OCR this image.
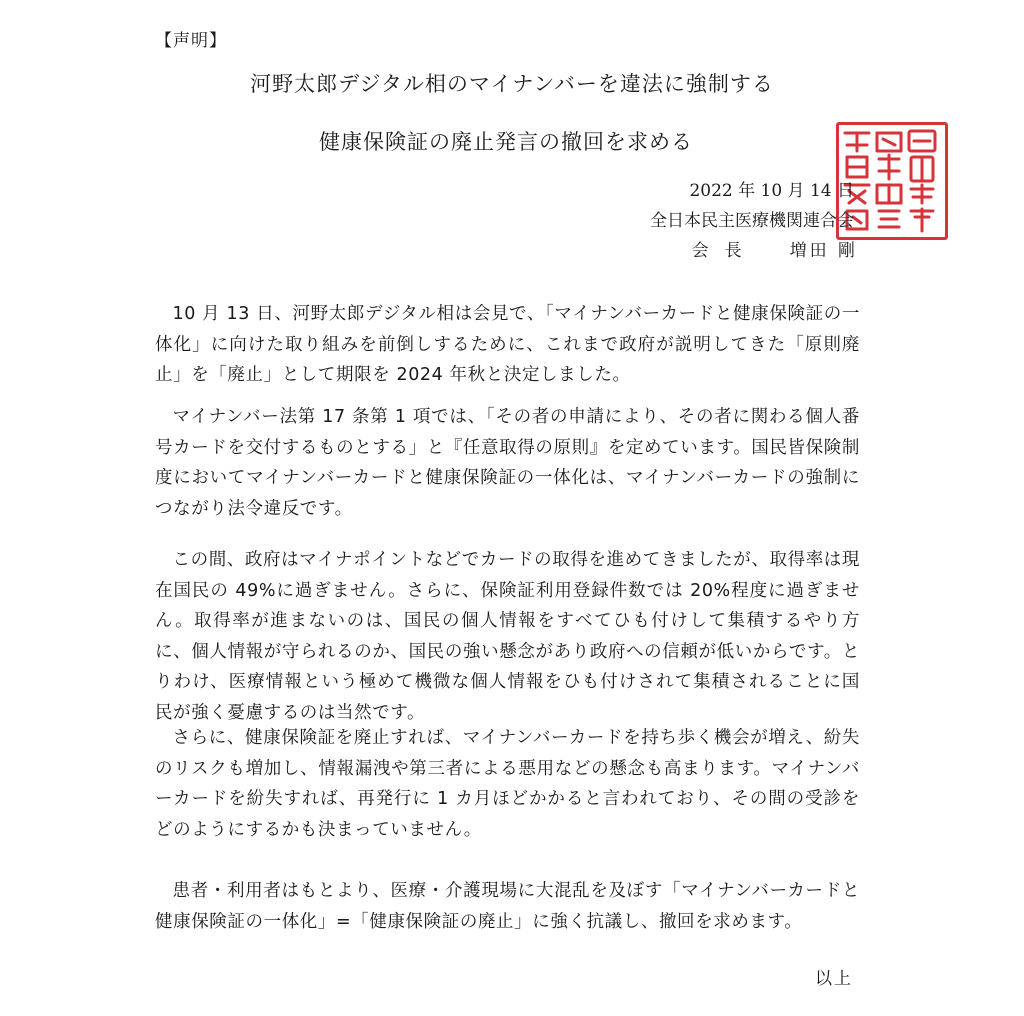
【声明】
河野太郎デジタル相のマイナンバーを違法に強制する
健康保険証の廃止発言の撤回を求める
2022 年 10 月 14 日
全日本民主医療機関連合会
会 長	増田 剛

10 月 13 日、河野太郎デジタル相は会見で、「マイナンバーカードと健康保険証の一体化」に向けた取り組みを前倒しするために、これまで政府が説明してきた「原則廃止」を「廃止」として期限を 2024 年秋と決定しました。

マイナンバー法第 17 条第 1 項では、「その者の申請により、その者に関わる個人番号カードを交付するものとする」と『任意取得の原則』を定めています。国民皆保険制度においてマイナンバーカードと健康保険証の一体化は、マイナンバーカードの強制につながり法令違反です。

この間、政府はマイナポイントなどでカードの取得を進めてきましたが、取得率は現在国民の 49%に過ぎません。さらに、保険証利用登録件数では 20%程度に過ぎません。取得率が進まないのは、国民の個人情報をすべてひも付けして集積するやり方に、個人情報が守られるのか、国民の強い懸念があり政府への信頼が低いからです。とりわけ、医療情報という極めて機微な個人情報をひも付けされて集積されることに国民が強く憂慮するのは当然です。

さらに、健康保険証を廃止すれば、マイナンバーカードを持ち歩く機会が増え、紛失のリスクも増加し、情報漏洩や第三者による悪用などの懸念も高まります。マイナンバーカードを紛失すれば、再発行に 1 カ月ほどかかると言われており、その間の受診をどのようにするかも決まっていません。

患者・利用者はもとより、医療・介護現場に大混乱を及ぼす「マイナンバーカードと健康保険証の一体化」=「健康保険証の廃止」に強く抗議し、撤回を求めます。

以上
